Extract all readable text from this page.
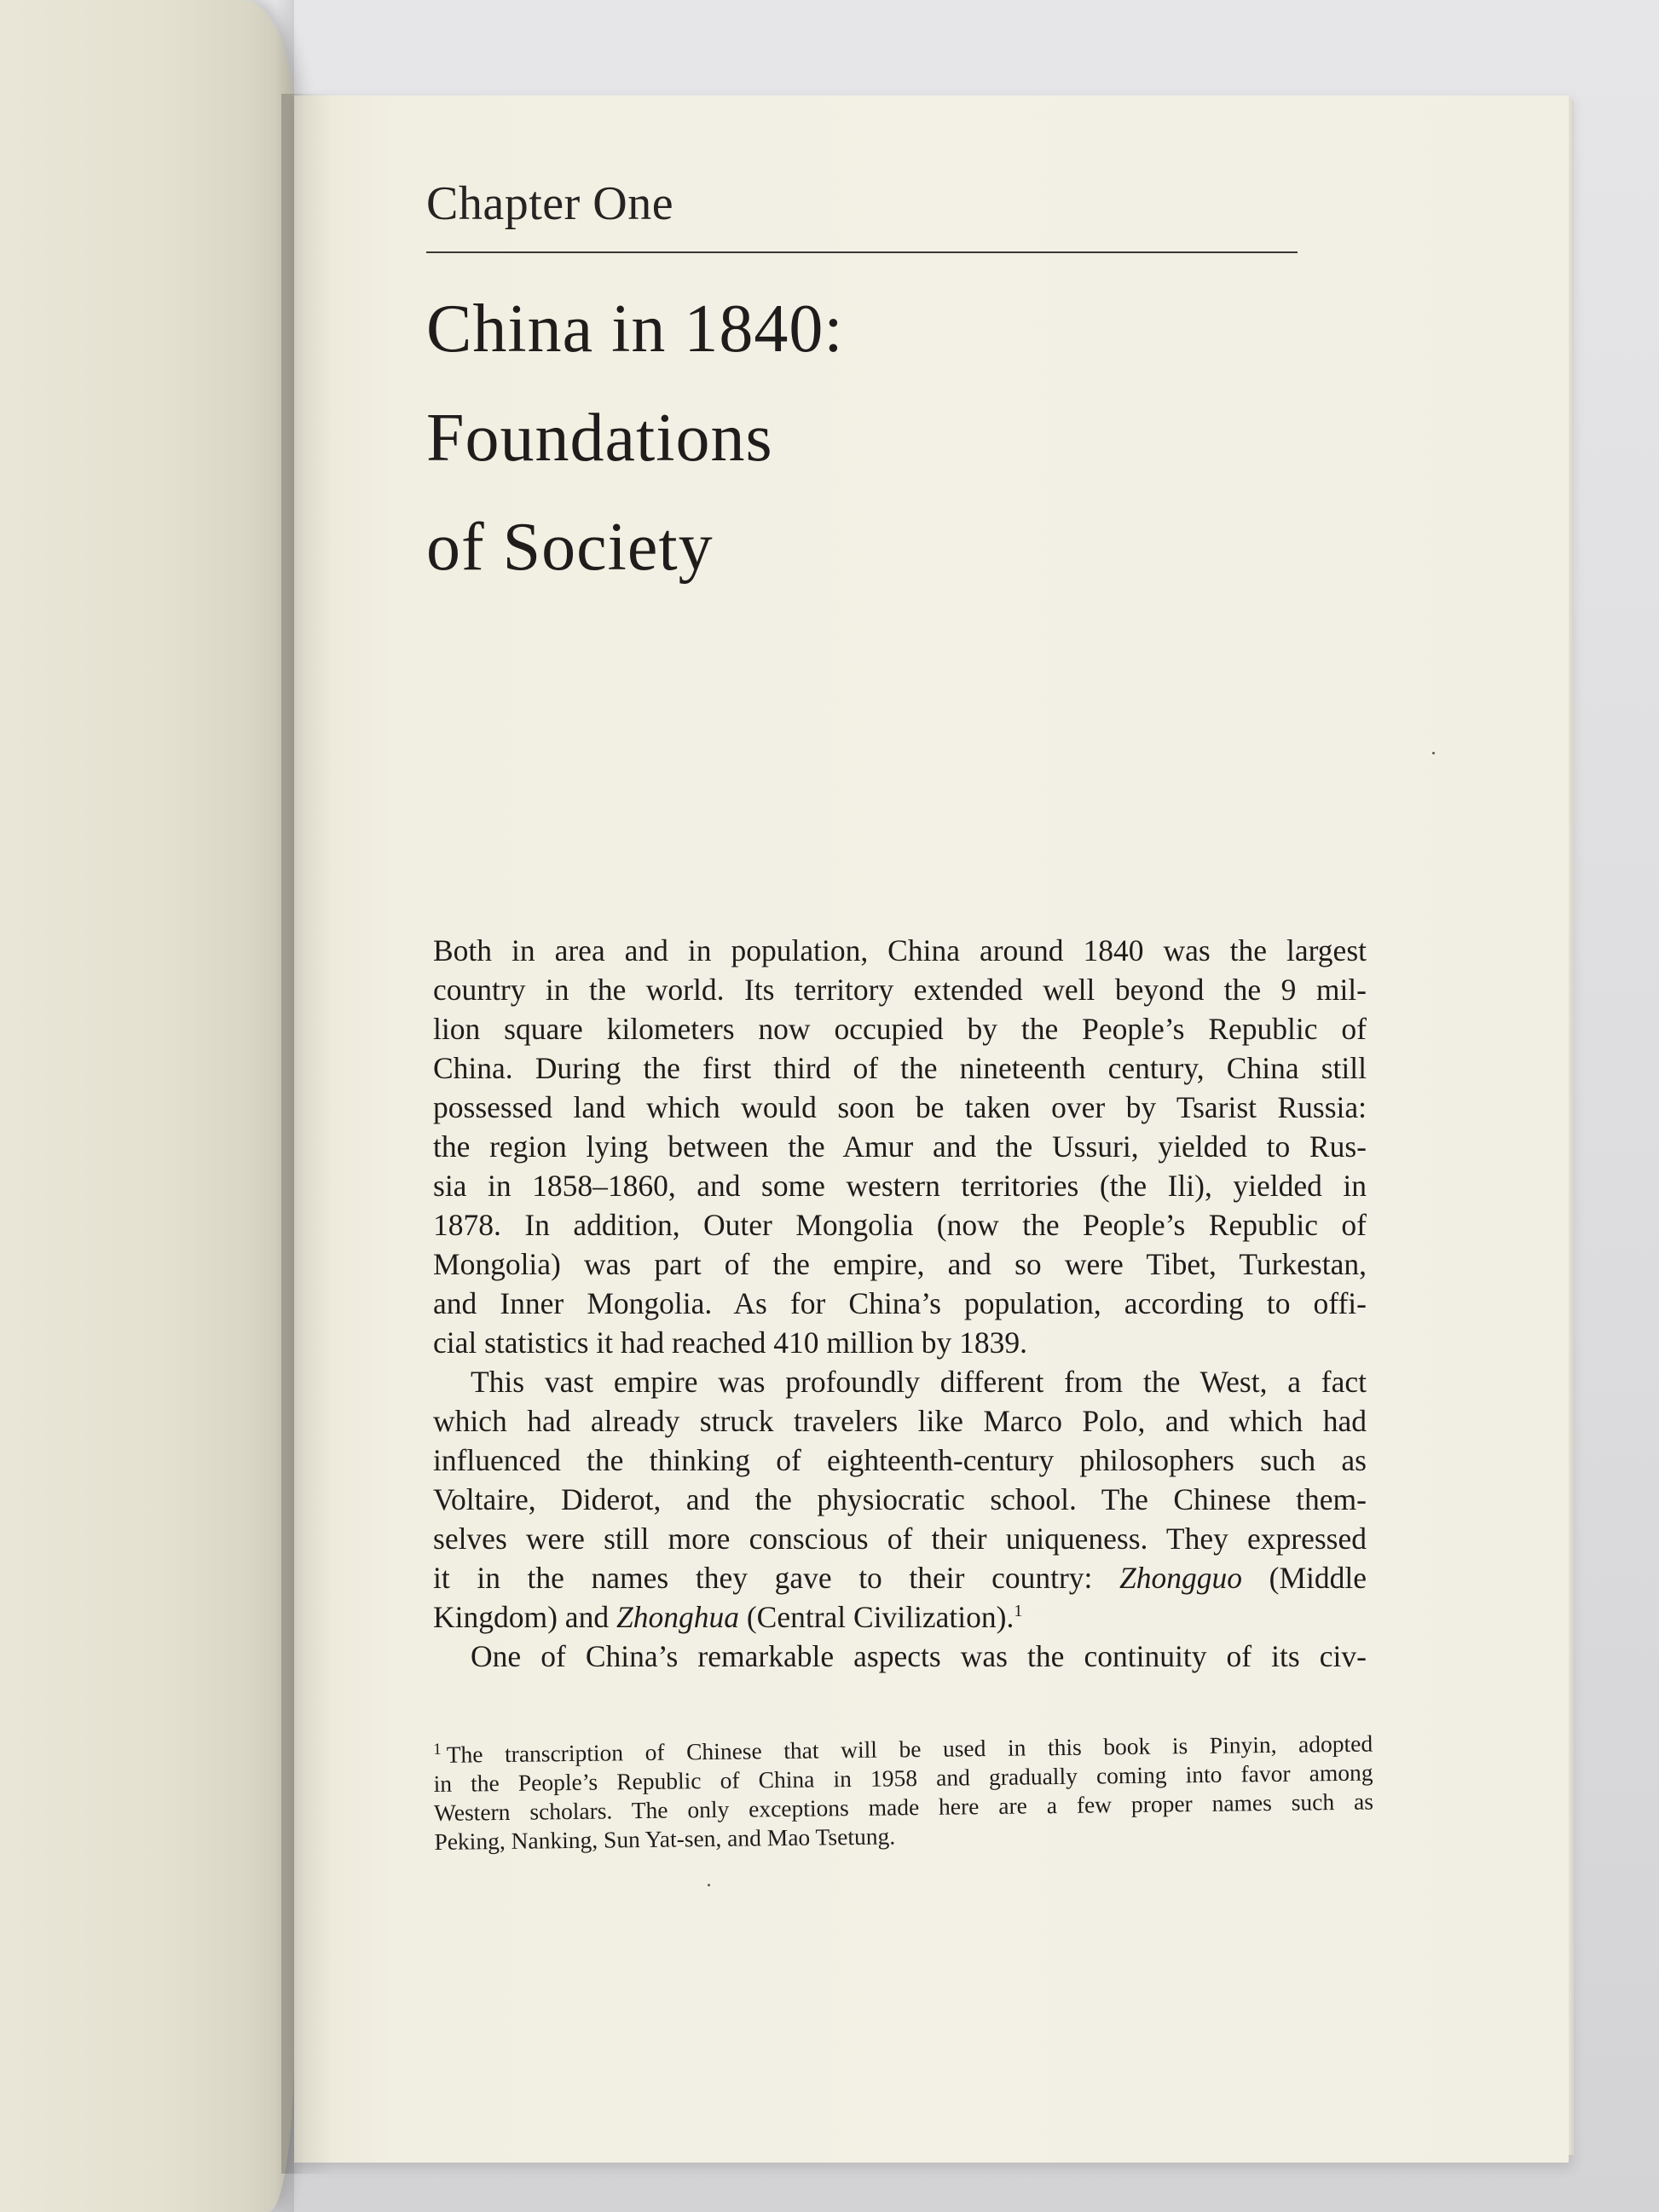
Chapter One
China in 1840:
Foundations
of Society
Both in area and in population, China around 1840 was the largest
country in the world. Its territory extended well beyond the 9 mil-
lion square kilometers now occupied by the People’s Republic of
China. During the first third of the nineteenth century, China still
possessed land which would soon be taken over by Tsarist Russia:
the region lying between the Amur and the Ussuri, yielded to Rus-
sia in 1858–1860, and some western territories (the Ili), yielded in
1878. In addition, Outer Mongolia (now the People’s Republic of
Mongolia) was part of the empire, and so were Tibet, Turkestan,
and Inner Mongolia. As for China’s population, according to offi-
cial statistics it had reached 410 million by 1839.
This vast empire was profoundly different from the West, a fact
which had already struck travelers like Marco Polo, and which had
influenced the thinking of eighteenth-century philosophers such as
Voltaire, Diderot, and the physiocratic school. The Chinese them-
selves were still more conscious of their uniqueness. They expressed
it in the names they gave to their country: Zhongguo (Middle
Kingdom) and Zhonghua (Central Civilization).$^1$
One of China’s remarkable aspects was the continuity of its civ-
$^1$ The transcription of Chinese that will be used in this book is Pinyin, adopted
in the People’s Republic of China in 1958 and gradually coming into favor among
Western scholars. The only exceptions made here are a few proper names such as
Peking, Nanking, Sun Yat-sen, and Mao Tsetung.
